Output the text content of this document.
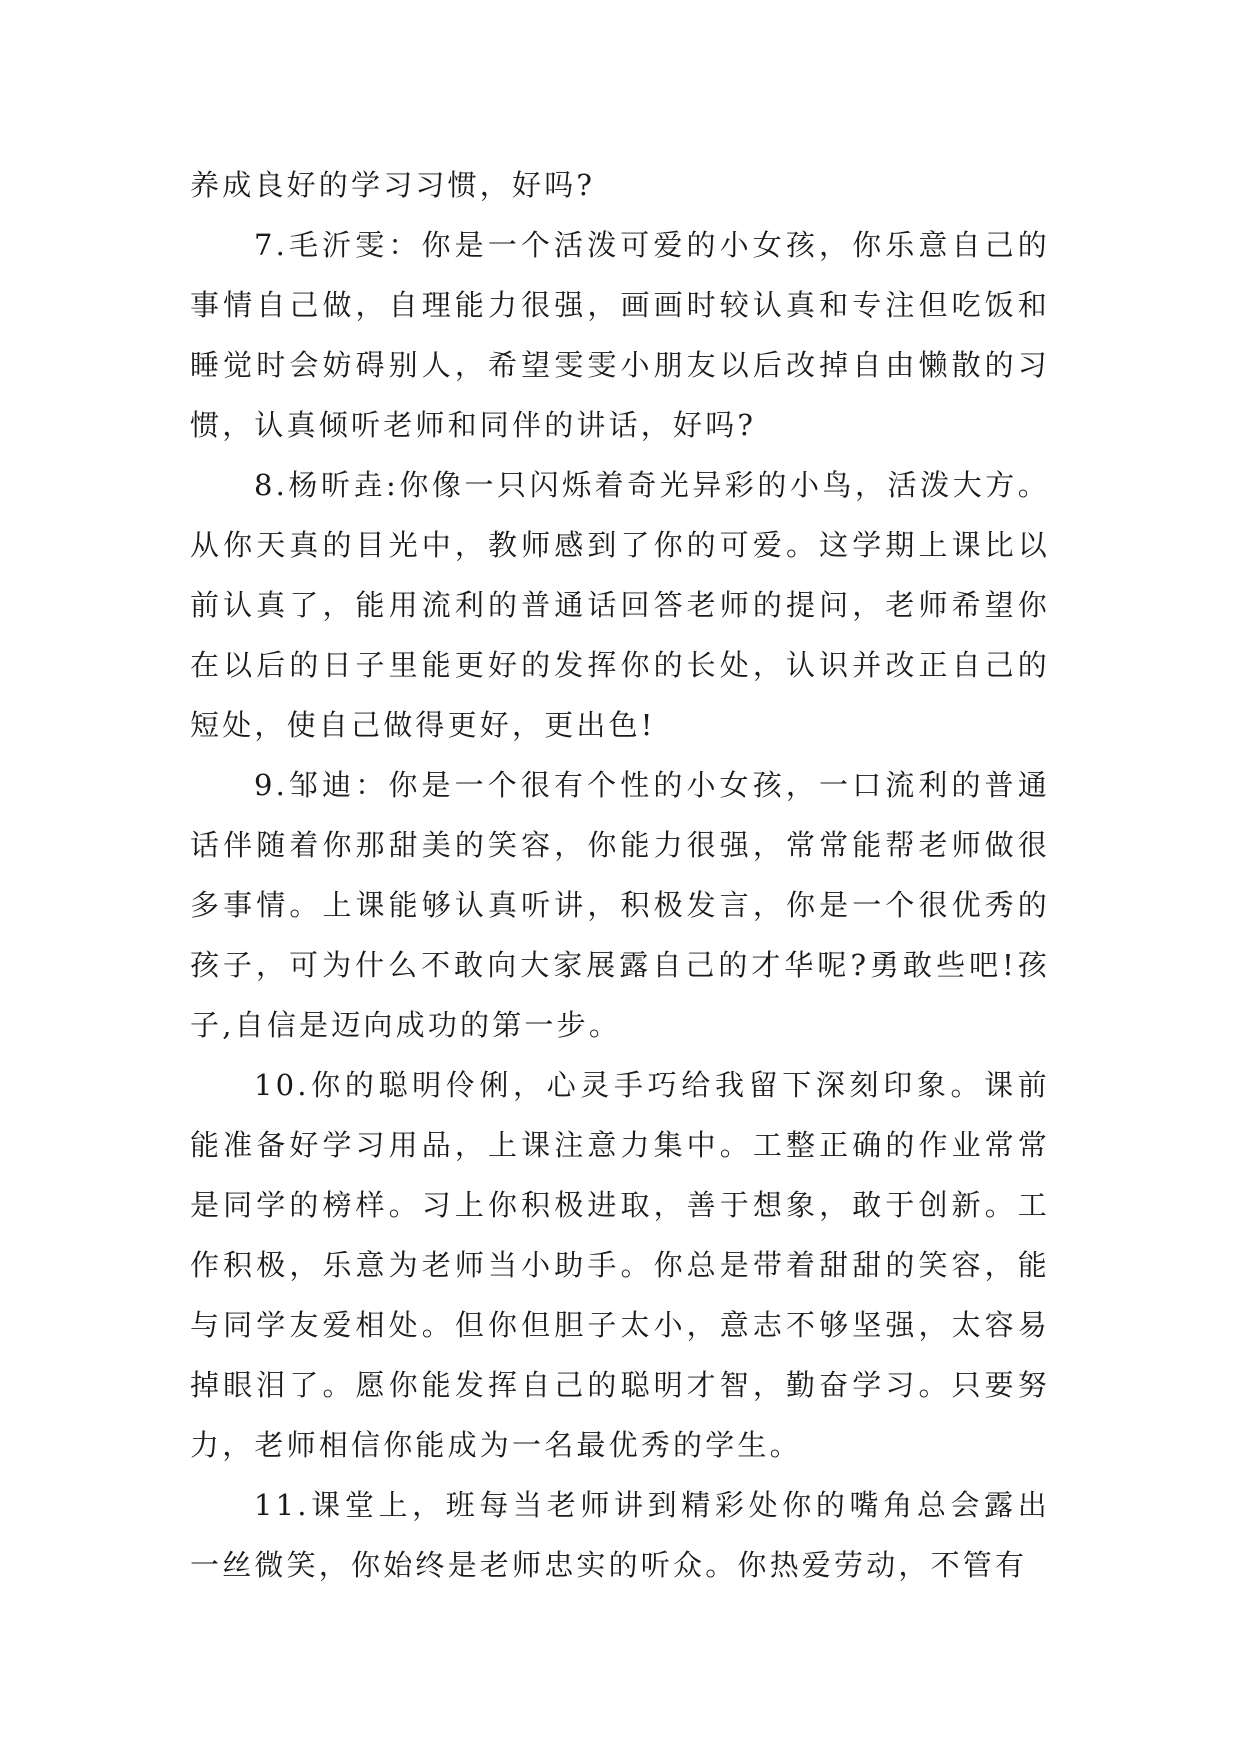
养成良好的学习习惯，好吗?

7.毛沂雯：你是一个活泼可爱的小女孩，你乐意自己的事情自己做，自理能力很强，画画时较认真和专注但吃饭和睡觉时会妨碍别人，希望雯雯小朋友以后改掉自由懒散的习惯，认真倾听老师和同伴的讲话，好吗?

8.杨昕垚:你像一只闪烁着奇光异彩的小鸟，活泼大方。从你天真的目光中，教师感到了你的可爱。这学期上课比以前认真了，能用流利的普通话回答老师的提问，老师希望你在以后的日子里能更好的发挥你的长处，认识并改正自己的短处，使自己做得更好，更出色!

9.邹迪：你是一个很有个性的小女孩，一口流利的普通话伴随着你那甜美的笑容，你能力很强，常常能帮老师做很多事情。上课能够认真听讲，积极发言，你是一个很优秀的孩子，可为什么不敢向大家展露自己的才华呢?勇敢些吧!孩子,自信是迈向成功的第一步。

10.你的聪明伶俐，心灵手巧给我留下深刻印象。课前能准备好学习用品，上课注意力集中。工整正确的作业常常是同学的榜样。习上你积极进取，善于想象，敢于创新。工作积极，乐意为老师当小助手。你总是带着甜甜的笑容，能与同学友爱相处。但你但胆子太小，意志不够坚强，太容易掉眼泪了。愿你能发挥自己的聪明才智，勤奋学习。只要努力，老师相信你能成为一名最优秀的学生。

11.课堂上，班每当老师讲到精彩处你的嘴角总会露出一丝微笑，你始终是老师忠实的听众。你热爱劳动，不管有
